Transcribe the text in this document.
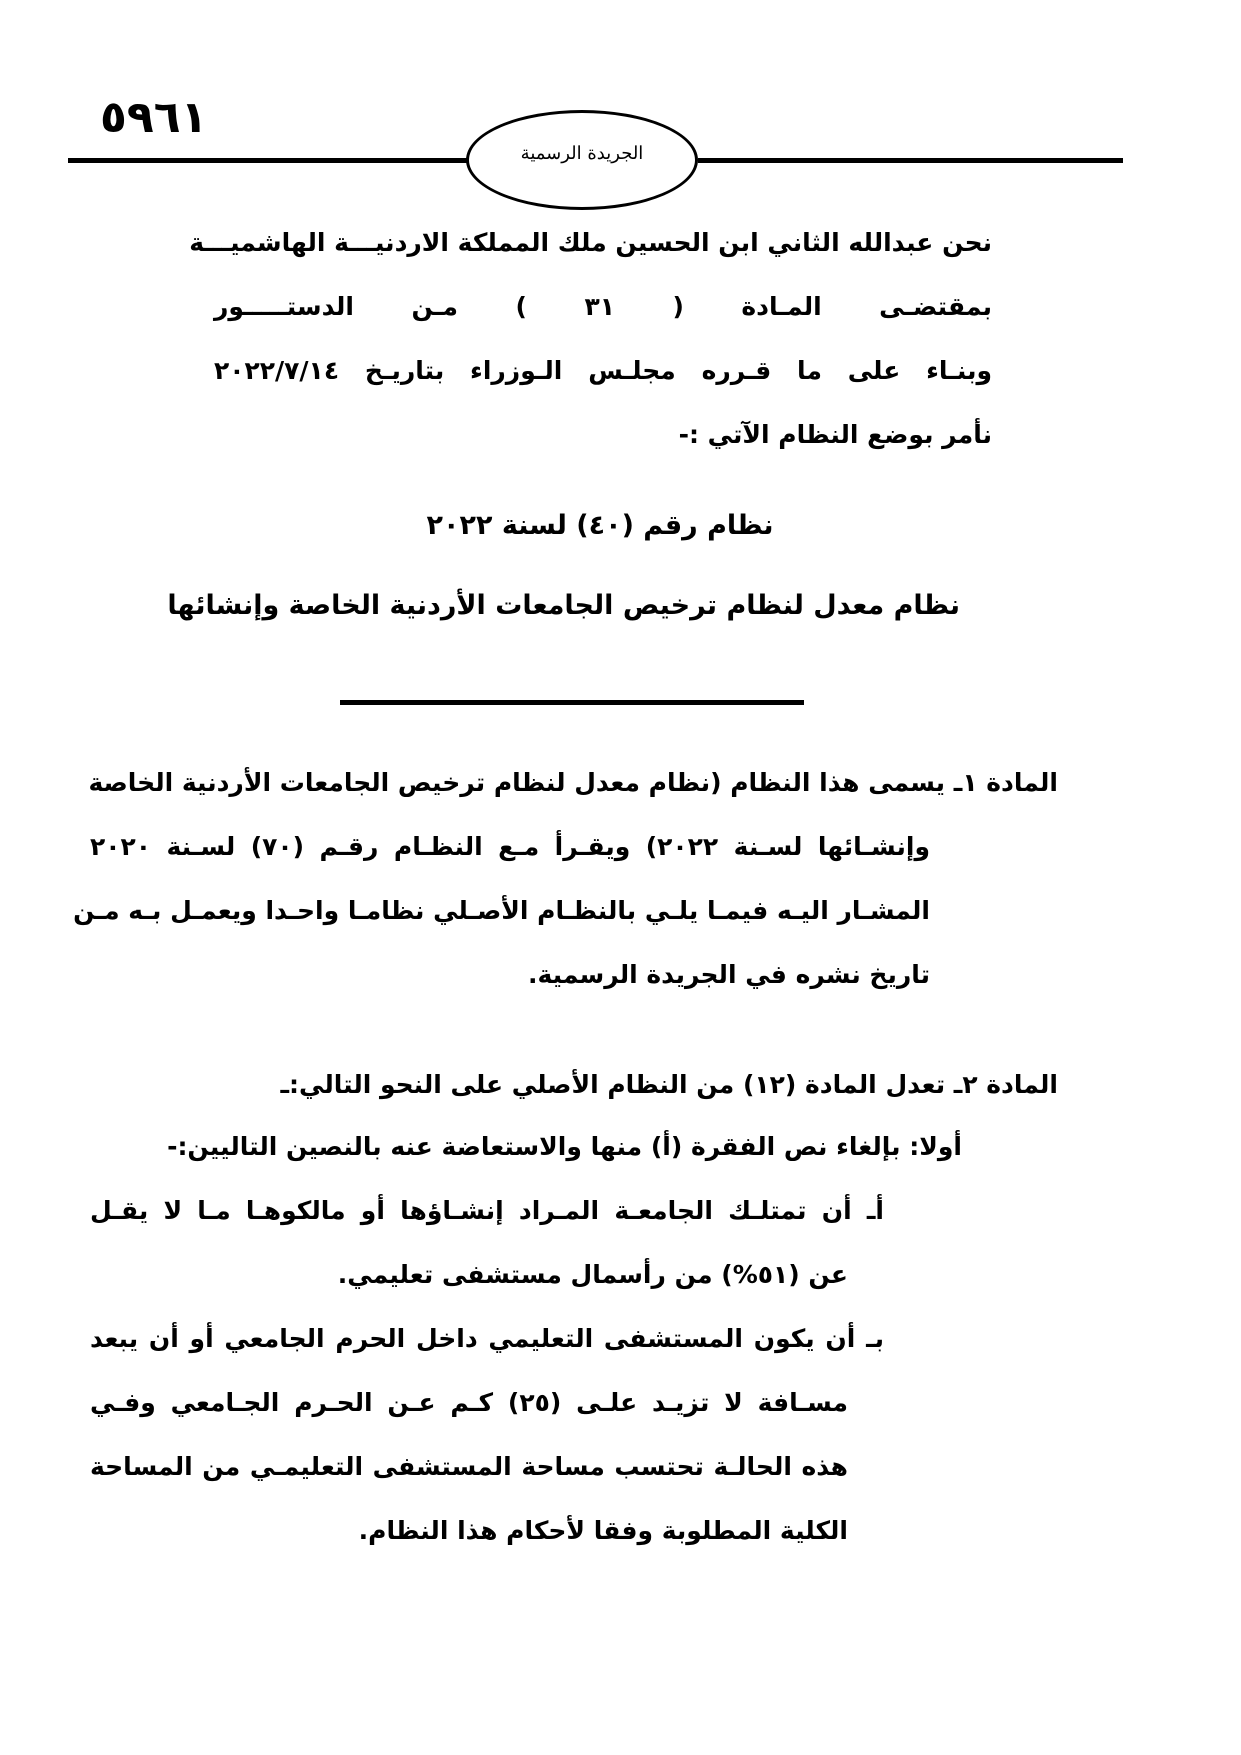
٥٩٦١
الجريدة الرسمية
نحن عبدالله الثاني ابن الحسين ملك المملكة الاردنيـــة الهاشميـــة
بمقتضـى المـادة ( ٣١ ) مـن الدستـــــور
وبنـاء على ما قـرره مجلـس الـوزراء بتاريـخ ٢٠٢٢/٧/١٤
نأمر بوضع النظام الآتي :-
نظام رقم (٤٠) لسنة ٢٠٢٢
نظام معدل لنظام ترخيص الجامعات الأردنية الخاصة وإنشائها
المادة ١ـ يسمى هذا النظام (نظام معدل لنظام ترخيص الجامعات الأردنية الخاصة
وإنشـائها لسـنة ٢٠٢٢) ويقـرأ مـع النظـام رقـم (٧٠) لسـنة ٢٠٢٠
المشـار اليـه فيمـا يلـي بالنظـام الأصـلي نظامـا واحـدا ويعمـل بـه مـن
تاريخ نشره في الجريدة الرسمية.
المادة ٢ـ تعدل المادة (١٢) من النظام الأصلي على النحو التالي:ـ
أولا: بإلغاء نص الفقرة (أ) منها والاستعاضة عنه بالنصين التاليين:-
أـ أن تمتلـك الجامعـة المـراد إنشـاؤها أو مالكوهـا مـا لا يقـل
عن (٥١%) من رأسمال مستشفى تعليمي.
بـ أن يكون المستشفى التعليمي داخل الحرم الجامعي أو أن يبعد
مسـافة لا تزيـد علـى (٢٥) كـم عـن الحـرم الجـامعي وفـي
هذه الحالـة تحتسب مساحة المستشفى التعليمـي من المساحة
الكلية المطلوبة وفقا لأحكام هذا النظام.
